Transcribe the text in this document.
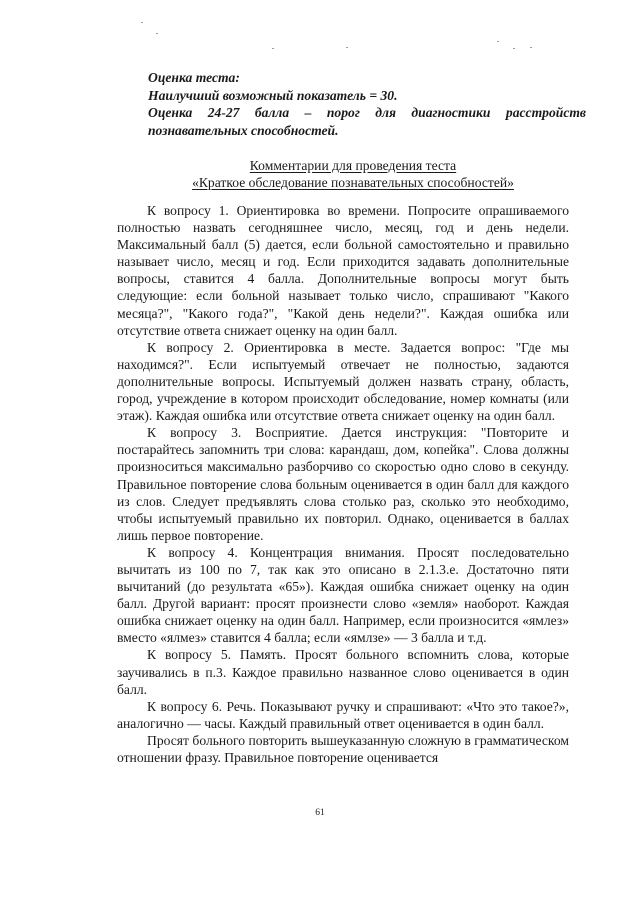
Оценка теста:
Наилучший возможный показатель = 30.
Оценка 24-27 балла – порог для диагностики расстройств познавательных способностей.
Комментарии для проведения теста
«Краткое обследование познавательных способностей»

К вопросу 1. Ориентировка во времени. Попросите опрашиваемого полностью назвать сегодняшнее число, месяц, год и день недели. Максимальный балл (5) дается, если больной самостоятельно и правильно называет число, месяц и год. Если приходится задавать дополнительные вопросы, ставится 4 балла. Дополнительные вопросы могут быть следующие: если больной называет только число, спрашивают "Какого месяца?", "Какого года?", "Какой день недели?". Каждая ошибка или отсутствие ответа снижает оценку на один балл.

К вопросу 2. Ориентировка в месте. Задается вопрос: "Где мы находимся?". Если испытуемый отвечает не полностью, задаются дополнительные вопросы. Испытуемый должен назвать страну, область, город, учреждение в котором происходит обследование, номер комнаты (или этаж). Каждая ошибка или отсутствие ответа снижает оценку на один балл.

К вопросу 3. Восприятие. Дается инструкция: "Повторите и постарайтесь запомнить три слова: карандаш, дом, копейка". Слова должны произноситься максимально разборчиво со скоростью одно слово в секунду. Правильное повторение слова больным оценивается в один балл для каждого из слов. Следует предъявлять слова столько раз, сколько это необходимо, чтобы испытуемый правильно их повторил. Однако, оценивается в баллах лишь первое повторение.

К вопросу 4. Концентрация внимания. Просят последовательно вычитать из 100 по 7, так как это описано в 2.1.3.е. Достаточно пяти вычитаний (до результата «65»). Каждая ошибка снижает оценку на один балл. Другой вариант: просят произнести слово «земля» наоборот. Каждая ошибка снижает оценку на один балл. Например, если произносится «ямлез» вместо «ялмез» ставится 4 балла; если «ямлзе» — 3 балла и т.д.

К вопросу 5. Память. Просят больного вспомнить слова, которые заучивались в п.3. Каждое правильно названное слово оценивается в один балл.

К вопросу 6. Речь. Показывают ручку и спрашивают: «Что это такое?», аналогично — часы. Каждый правильный ответ оценивается в один балл.

Просят больного повторить вышеуказанную сложную в грамматическом отношении фразу. Правильное повторение оценивается

61
